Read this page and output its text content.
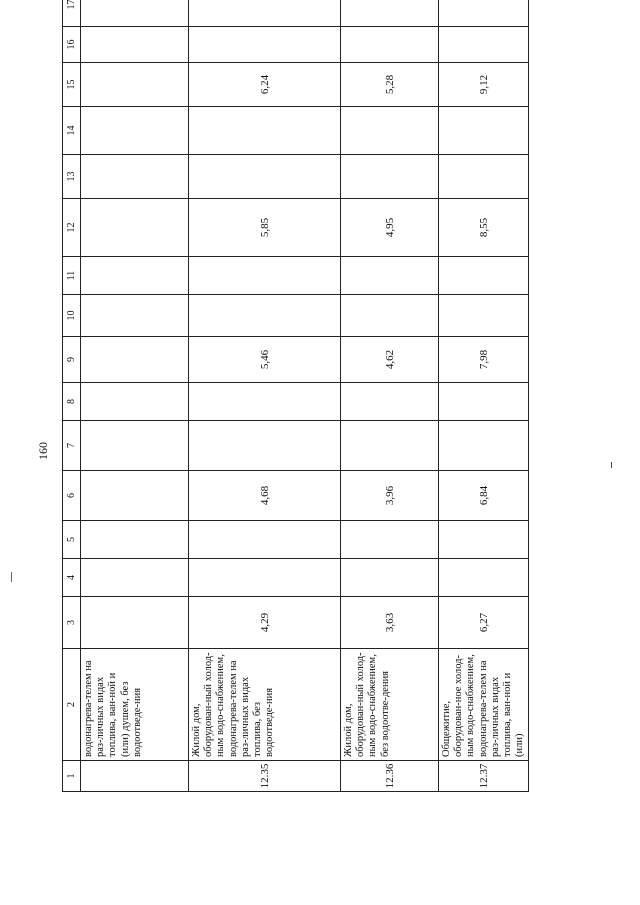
160
1	2	3	4	5	6	7	8	9	10	11	12	13	14	15	16	17
	водонагрева-телем на раз-личных видах топлива, ван-ной и (или) душем, без водоотведе-ния															
12.35	Жилой дом, оборудован-ный холод-ным водо-снабжением, водонагрева-телем на раз-личных видах топлива, без водоотведе-ния	4,29			4,68			5,46			5,85			6,24		
12.36	Жилой дом, оборудован-ный холод-ным водо-снабжением, без водоотве-дения	3,63			3,96			4,62			4,95			5,28		
12.37	Общежитие, оборудован-ное холод-ным водо-снабжением, водонагрева-телем на раз-личных видах топлива, ван-ной и (или)	6,27			6,84			7,98			8,55			9,12		
